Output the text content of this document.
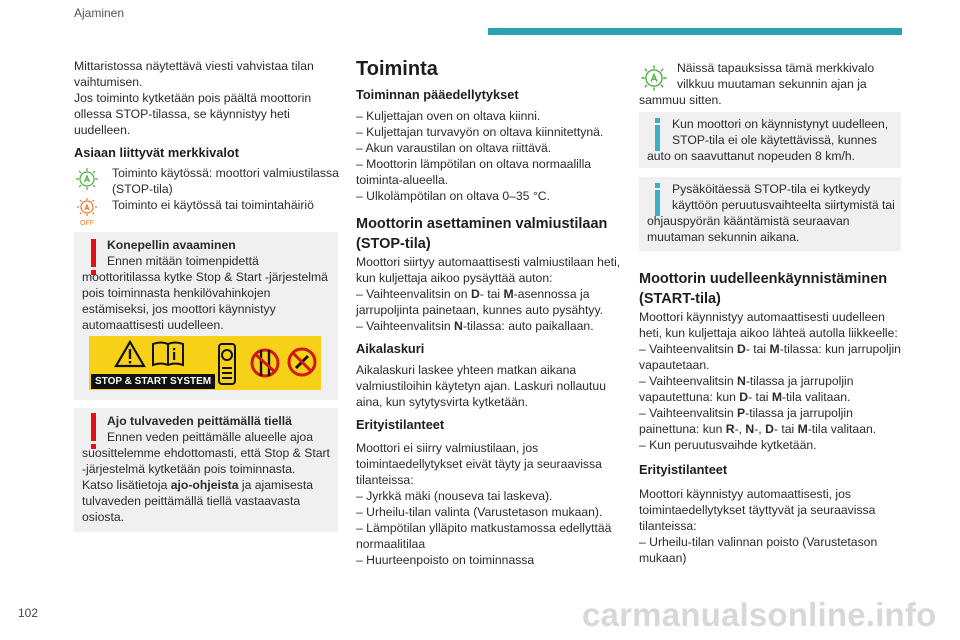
Ajaminen
102	carmanualsonline.info

Mittaristossa näytettävä viesti vahvistaa tilan

vaihtumisen.

Jos toiminto kytketään pois päältä moottorin

ollessa STOP-tilassa, se käynnistyy heti

uudelleen.

Asiaan liittyvät merkkivalot

Toiminto käytössä: moottori valmiustilassa

(STOP-tila)

OFF

Toiminto ei käytössä tai toimintahäiriö

Konepellin avaaminen

Ennen mitään toimenpidettä

moottoritilassa kytke Stop & Start -järjestelmä

pois toiminnasta henkilövahinkojen

estämiseksi, jos moottori käynnistyy

automaattisesti uudelleen.

STOP & START SYSTEM

Ajo tulvaveden peittämällä tiellä

Ennen veden peittämälle alueelle ajoa

suosittelemme ehdottomasti, että Stop & Start

-järjestelmä kytketään pois toiminnasta.

Katso lisätietoja ajo-ohjeista ja ajamisesta

tulvaveden peittämällä tiellä vastaavasta

osiosta.

Toiminta
Toiminnan pääedellytykset

– Kuljettajan oven on oltava kiinni.

– Kuljettajan turvavyön on oltava kiinnitettynä.

– Akun varaustilan on oltava riittävä.

– Moottorin lämpötilan on oltava normaalilla

toiminta-alueella.

– Ulkolämpötilan on oltava 0–35 °C.

Moottorin asettaminen valmiustilaan
(STOP-tila)

Moottori siirtyy automaattisesti valmiustilaan heti,

kun kuljettaja aikoo pysäyttää auton:

– Vaihteenvalitsin on D- tai M-asennossa ja

jarrupoljinta painetaan, kunnes auto pysähtyy.

– Vaihteenvalitsin N-tilassa: auto paikallaan.

Aikalaskuri

Aikalaskuri laskee yhteen matkan aikana

valmiustiloihin käytetyn ajan. Laskuri nollautuu

aina, kun sytytysvirta kytketään.

Erityistilanteet

Moottori ei siirry valmiustilaan, jos

toimintaedellytykset eivät täyty ja seuraavissa

tilanteissa:

– Jyrkkä mäki (nouseva tai laskeva).

– Urheilu-tilan valinta (Varustetason mukaan).

– Lämpötilan ylläpito matkustamossa edellyttää

normaalitilaa

– Huurteenpoisto on toiminnassa

Näissä tapauksissa tämä merkkivalo

vilkkuu muutaman sekunnin ajan ja

sammuu sitten.

Kun moottori on käynnistynyt uudelleen,

STOP-tila ei ole käytettävissä, kunnes

auto on saavuttanut nopeuden 8 km/h.

Pysäköitäessä STOP-tila ei kytkeydy

käyttöön peruutusvaihteelta siirtymistä tai

ohjauspyörän kääntämistä seuraavan

muutaman sekunnin aikana.

Moottorin uudelleenkäynnistäminen
(START-tila)

Moottori käynnistyy automaattisesti uudelleen

heti, kun kuljettaja aikoo lähteä autolla liikkeelle:

– Vaihteenvalitsin D- tai M-tilassa: kun jarrupoljin

vapautetaan.

– Vaihteenvalitsin N-tilassa ja jarrupoljin

vapautettuna: kun D- tai M-tila valitaan.

– Vaihteenvalitsin P-tilassa ja jarrupoljin

painettuna: kun R-, N-, D- tai M-tila valitaan.

– Kun peruutusvaihde kytketään.

Erityistilanteet

Moottori käynnistyy automaattisesti, jos

toimintaedellytykset täyttyvät ja seuraavissa

tilanteissa:

– Urheilu-tilan valinnan poisto (Varustetason

mukaan)
